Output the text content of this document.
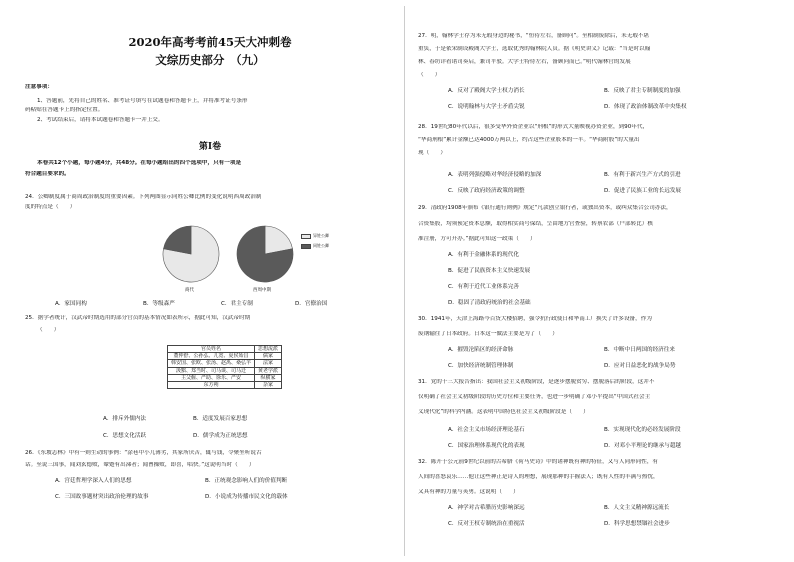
2020年高考考前45天大冲刺卷
文综历史部分　（九）
注意事项：
1、答题前，先将自己的姓名、准考证号填写在试题卷和答题卡上，并将准考证号条形
码粘贴在答题卡上的指定位置。
2、考试结束后，请将本试题卷和答题卡一并上交。
第Ⅰ卷
本卷共12个小题，每小题4分，共48分。在每小题给出的四个选项中，只有一项是
符合题目要求的。
24．公卿制度属于商周政治制度的重要因素。下列两图显示同姓公卿比例的变化说明西周政治制
度的特点是（　　）
商代	西周中期
异姓公卿
同姓公卿
A．家国同构	B．等级森严	C．君主专制	D．官僚治国
25．据学者统计，汉武帝时期选用的部分官员的基本情况如表所示，据此可知，汉武帝时期
（　　）
官员姓名	思想流派
董仲舒、公孙弘、儿宽、夏侯始昌	儒家
韩安国、张欧、张汤、赵禹、桑弘羊	法家
汲黯、郑当时、司马谈、司马迁	黄老学派
主父偃、严助、徐乐、严安	纵横家
东方朔	杂家
A．排斥外儒内法	B．适度发展百家思想
C．思想文化活跃	D．儒学成为正统思想
26．《东坡志林》中有一则生动的事例：“涂巷中小儿薄劣，其家所厌苦，辄与钱，令聚坐听说古
话。至说三国事，闻刘玄德败，颦蹙有出涕者；闻曹操败，即喜，唱快。”这说明当时（　　）
A．宫廷哲理学深入人们的思想	B．正统观念影响人们的价值判断
C．三国故事题材突出政治伦理的故事	D．小说成为传播市民文化的载体
27．明，翰林学士存为未无瑕身边的秘书，“恒待左右，备顾问”。至相制废除后，未无瑕不堪
重负，于是依宋制设殿阁大学士，选取优秀的翰林院人员。据《明史讲义》记载：“当是时以翰
林、春坊详看诸司奏启，兼司平驳。大学士特侍左右，备顾问而已。”明代翰林官的发展
（　　）
A．反对了殿阁大学士权力消长	B．反映了君主专制制度的加强
C．说明翰林与大学士矛盾尖锐	D．体现了政治体制改革中央集权
28．19世纪80年代以后，很多受华外资企业以“刑根”的形式大量映视办资企业，到90年代，
“华商刑根”累计金额已达4000万两以上，约占这些企业股本的一半。“华商附股”的大量出
现（　　）
A．表明列强侵略对华经济侵略的加深	B．有利于新兴生产方式的引进
C．反映了政府经济政策的调整	D．促进了民族工业的长远发展
29．清政府1908年颁布《银行通行则例》规定“凡款创立银行者，或独出资本，或纠众集合公司办法，
合资集股，均须预定资本总额，取得相实商号保结，呈由地方官查验，转禀农部（户部转比）核
准注册，方可开办。”据此可知这一政策（　　）
A．有利于金融体系的现代化
B．促进了民族资本主义快速发展
C．有利于近代工业体系完善
D．稳固了清政府统治的社会基础
30．1941年，天津上海路今百货大楼招聘，强令抗行政使日和华南工厂换失了许多设备，作为
废钢输往了日本政府。日本这一做法主要是为了（　　）
A．摧毁沦陷区的经济命脉	B．中断中日两国的经济往来
C．加快经济统制管理体制	D．应对日益恶化的战争局势
31．党的十三大报告指出：我国社会主义初级阶段，是逐步摆脱贫穷、摆脱落后的阶段，这并不
仅明确了社会主义初级阶段的历史方位和主要任务，也进一步明确了邓小平提出“中国式社会主
义现代化”的科学内涵。这表明中国特色社会主义初级阶段是（　　）
A．社会主义市场经济理论基石	B．实现现代化的必经发展阶段
C．国家治理体系现代化的表现	D．对邓小平理论的继承与超越
32．陈开于公元前9世纪以前的古希腊《荷马史诗》中的诸神既有神的特征，又与人同形同性，有
人间的喜怒哀乐……他让这些神正是诗人的理想，展现那种的手握法人；既有人性的丰满与热忱，
又具有神的力量与英勇。这说明（　　）
A．神学对古希腊历史影响深远	B．人文主义精神源远流长
C．反对王权专制统治在重视活	D．科学思想禁锢社会进步
